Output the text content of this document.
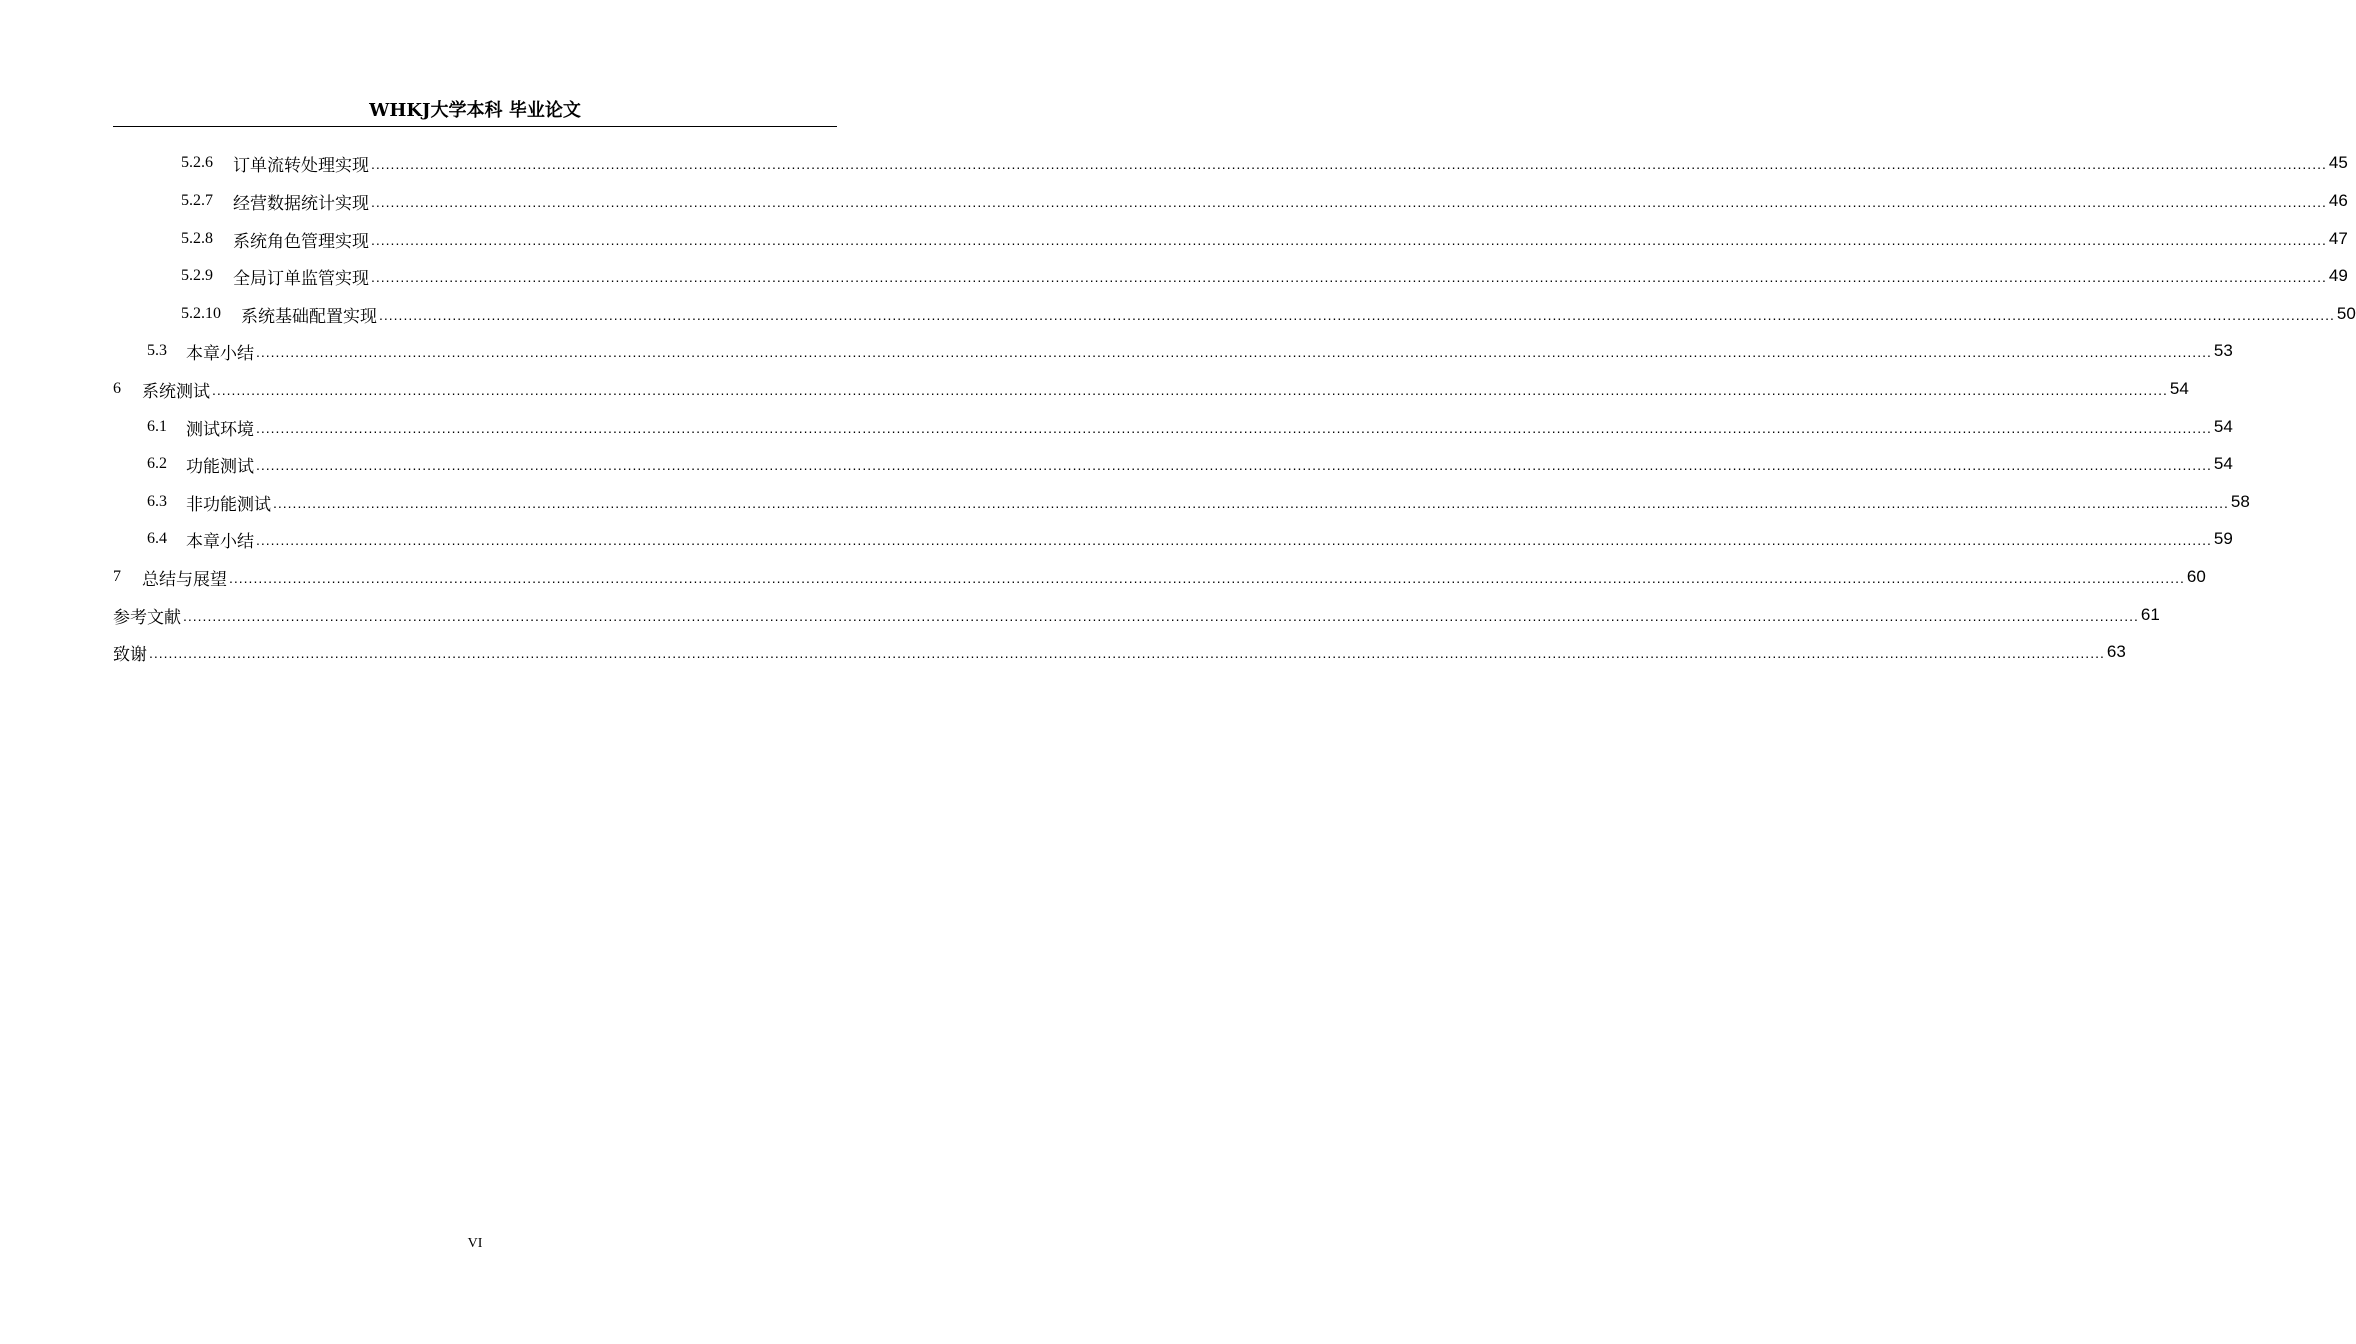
WHKJ大学本科 毕业论文
5.2.6 订单流转处理实现 ................................................................................................................................................................................................................................................................................................................................................................................................................ 45
5.2.7 经营数据统计实现 ................................................................................................................................................................................................................................................................................................................................................................................................................ 46
5.2.8 系统角色管理实现 ................................................................................................................................................................................................................................................................................................................................................................................................................ 47
5.2.9 全局订单监管实现 ................................................................................................................................................................................................................................................................................................................................................................................................................ 49
5.2.10 系统基础配置实现 ................................................................................................................................................................................................................................................................................................................................................................................................................ 50
5.3 本章小结 ................................................................................................................................................................................................................................................................................................................................................................................................................ 53
6 系统测试 ................................................................................................................................................................................................................................................................................................................................................................................................................ 54
6.1 测试环境 ................................................................................................................................................................................................................................................................................................................................................................................................................ 54
6.2 功能测试 ................................................................................................................................................................................................................................................................................................................................................................................................................ 54
6.3 非功能测试 ................................................................................................................................................................................................................................................................................................................................................................................................................ 58
6.4 本章小结 ................................................................................................................................................................................................................................................................................................................................................................................................................ 59
7 总结与展望 ................................................................................................................................................................................................................................................................................................................................................................................................................ 60
参考文献 ................................................................................................................................................................................................................................................................................................................................................................................................................ 61
致谢 ................................................................................................................................................................................................................................................................................................................................................................................................................ 63
VI
